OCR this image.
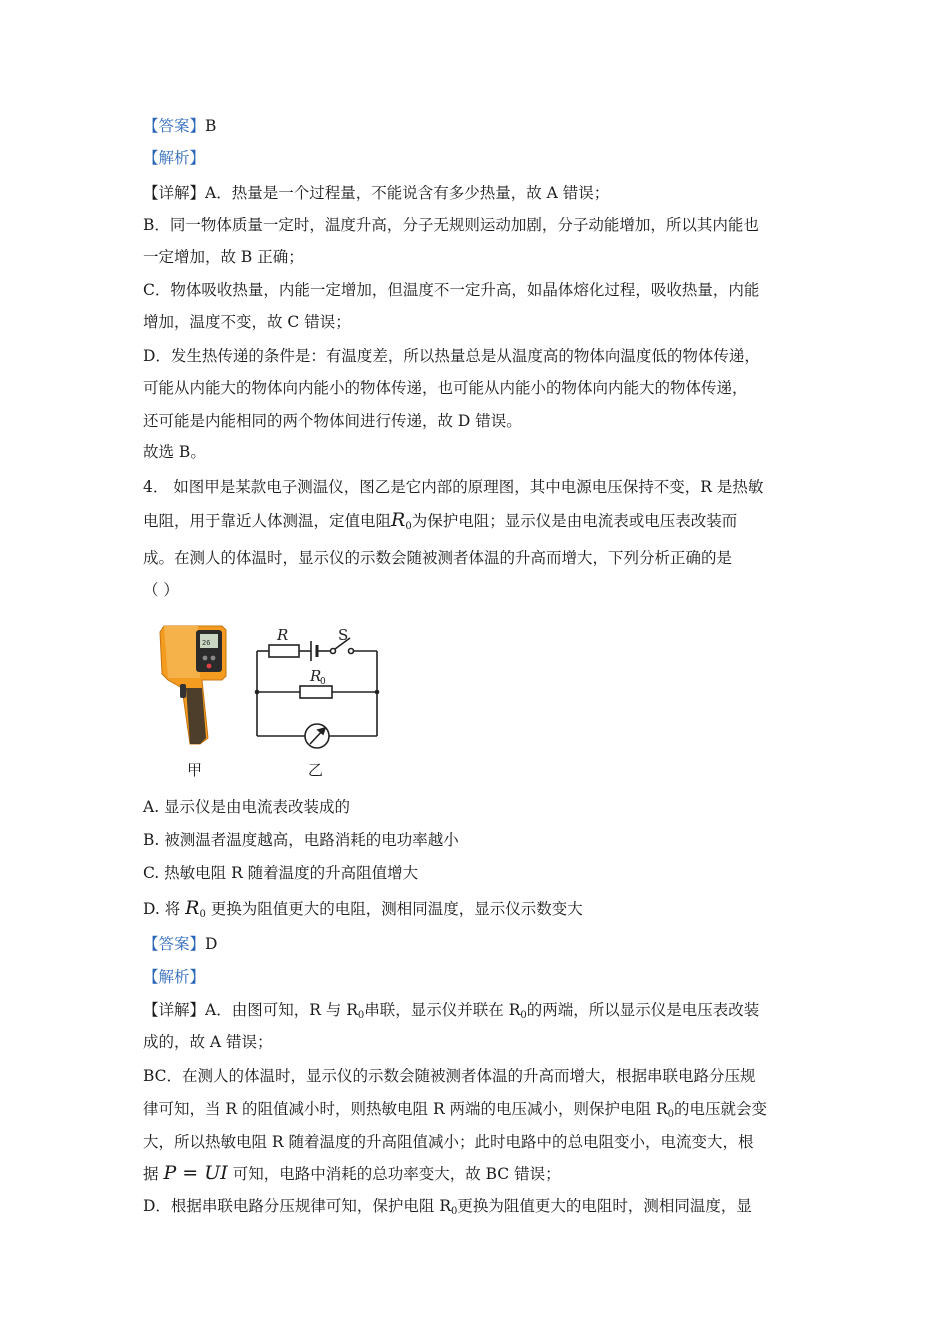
【答案】B
【解析】
【详解】A．热量是一个过程量，不能说含有多少热量，故 A 错误；
B．同一物体质量一定时，温度升高，分子无规则运动加剧，分子动能增加，所以其内能也
一定增加，故 B 正确；
C．物体吸收热量，内能一定增加，但温度不一定升高，如晶体熔化过程，吸收热量，内能
增加，温度不变，故 C 错误；
D．发生热传递的条件是：有温度差，所以热量总是从温度高的物体向温度低的物体传递，
可能从内能大的物体向内能小的物体传递，也可能从内能小的物体向内能大的物体传递，
还可能是内能相同的两个物体间进行传递，故 D 错误。
故选 B。
4． 如图甲是某款电子测温仪，图乙是它内部的原理图，其中电源电压保持不变，R 是热敏
电阻，用于靠近人体测温，定值电阻$R_0$为保护电阻；显示仪是由电流表或电压表改装而
成。在测人的体温时，显示仪的示数会随被测者体温的升高而增大，下列分析正确的是
（ ）
26	R	S
R
0
甲	乙
A. 显示仪是由电流表改装成的
B. 被测温者温度越高，电路消耗的电功率越小
C. 热敏电阻 R 随着温度的升高阻值增大
D. 将 $R_0$ 更换为阻值更大的电阻，测相同温度，显示仪示数变大
【答案】D
【解析】
【详解】A．由图可知，R 与 $R_0$串联，显示仪并联在 $R_0$的两端，所以显示仪是电压表改装
成的，故 A 错误；
BC．在测人的体温时，显示仪的示数会随被测者体温的升高而增大，根据串联电路分压规
律可知，当 R 的阻值减小时，则热敏电阻 R 两端的电压减小，则保护电阻 $R_0$的电压就会变
大，所以热敏电阻 R 随着温度的升高阻值减小；此时电路中的总电阻变小，电流变大，根
据 P = UI 可知，电路中消耗的总功率变大，故 BC 错误；
D．根据串联电路分压规律可知，保护电阻 $R_0$更换为阻值更大的电阻时，测相同温度，显
